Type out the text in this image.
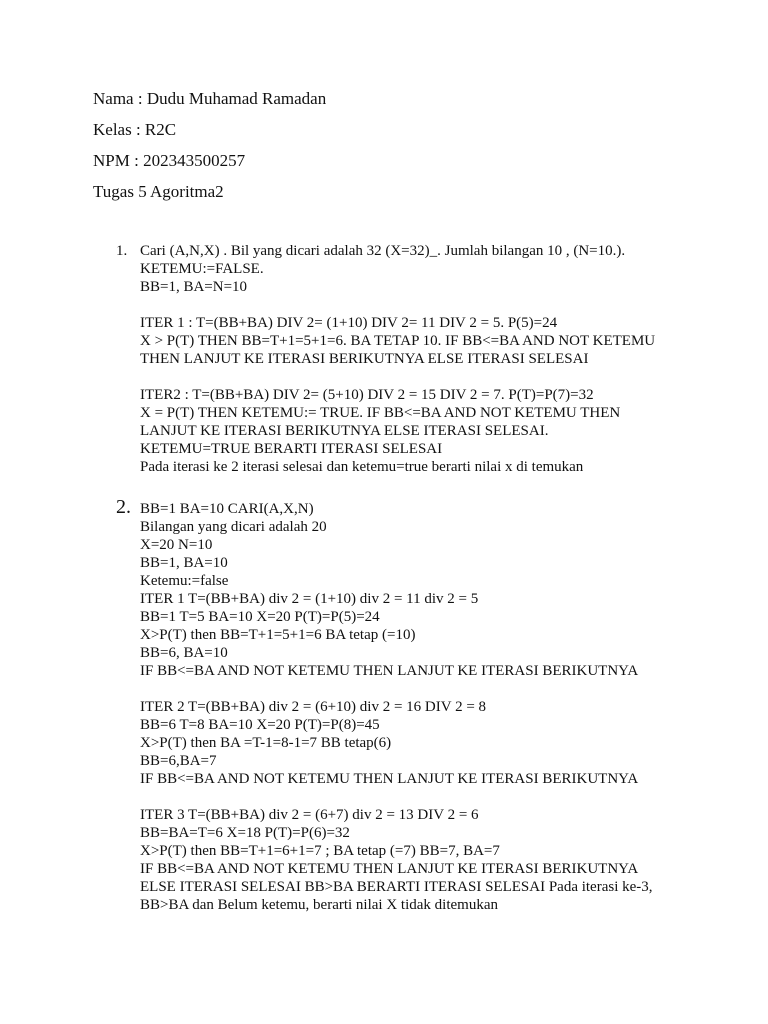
Nama : Dudu Muhamad Ramadan
Kelas : R2C
NPM : 202343500257
Tugas 5 Agoritma2
1. Cari (A,N,X) . Bil yang dicari adalah 32 (X=32)_. Jumlah bilangan 10 , (N=10.).
KETEMU:=FALSE.
BB=1, BA=N=10
ITER 1 : T=(BB+BA) DIV 2= (1+10) DIV 2= 11 DIV 2 = 5. P(5)=24
X > P(T) THEN BB=T+1=5+1=6. BA TETAP 10. IF BB<=BA AND NOT KETEMU
THEN LANJUT KE ITERASI BERIKUTNYA ELSE ITERASI SELESAI
ITER2 : T=(BB+BA) DIV 2= (5+10) DIV 2 = 15 DIV 2 = 7. P(T)=P(7)=32
X = P(T) THEN KETEMU:= TRUE. IF BB<=BA AND NOT KETEMU THEN
LANJUT KE ITERASI BERIKUTNYA ELSE ITERASI SELESAI.
KETEMU=TRUE BERARTI ITERASI SELESAI
Pada iterasi ke 2 iterasi selesai dan ketemu=true berarti nilai x di temukan
2. BB=1 BA=10 CARI(A,X,N)
Bilangan yang dicari adalah 20
X=20 N=10
BB=1, BA=10
Ketemu:=false
ITER 1 T=(BB+BA) div 2 = (1+10) div 2 = 11 div 2 = 5
BB=1 T=5 BA=10 X=20 P(T)=P(5)=24
X>P(T) then BB=T+1=5+1=6 BA tetap (=10)
BB=6, BA=10
IF BB<=BA AND NOT KETEMU THEN LANJUT KE ITERASI BERIKUTNYA
ITER 2 T=(BB+BA) div 2 = (6+10) div 2 = 16 DIV 2 = 8
BB=6 T=8 BA=10 X=20 P(T)=P(8)=45
X>P(T) then BA =T-1=8-1=7 BB tetap(6)
BB=6,BA=7
IF BB<=BA AND NOT KETEMU THEN LANJUT KE ITERASI BERIKUTNYA
ITER 3 T=(BB+BA) div 2 = (6+7) div 2 = 13 DIV 2 = 6
BB=BA=T=6 X=18 P(T)=P(6)=32
X>P(T) then BB=T+1=6+1=7 ; BA tetap (=7) BB=7, BA=7
IF BB<=BA AND NOT KETEMU THEN LANJUT KE ITERASI BERIKUTNYA
ELSE ITERASI SELESAI BB>BA BERARTI ITERASI SELESAI Pada iterasi ke-3,
BB>BA dan Belum ketemu, berarti nilai X tidak ditemukan
